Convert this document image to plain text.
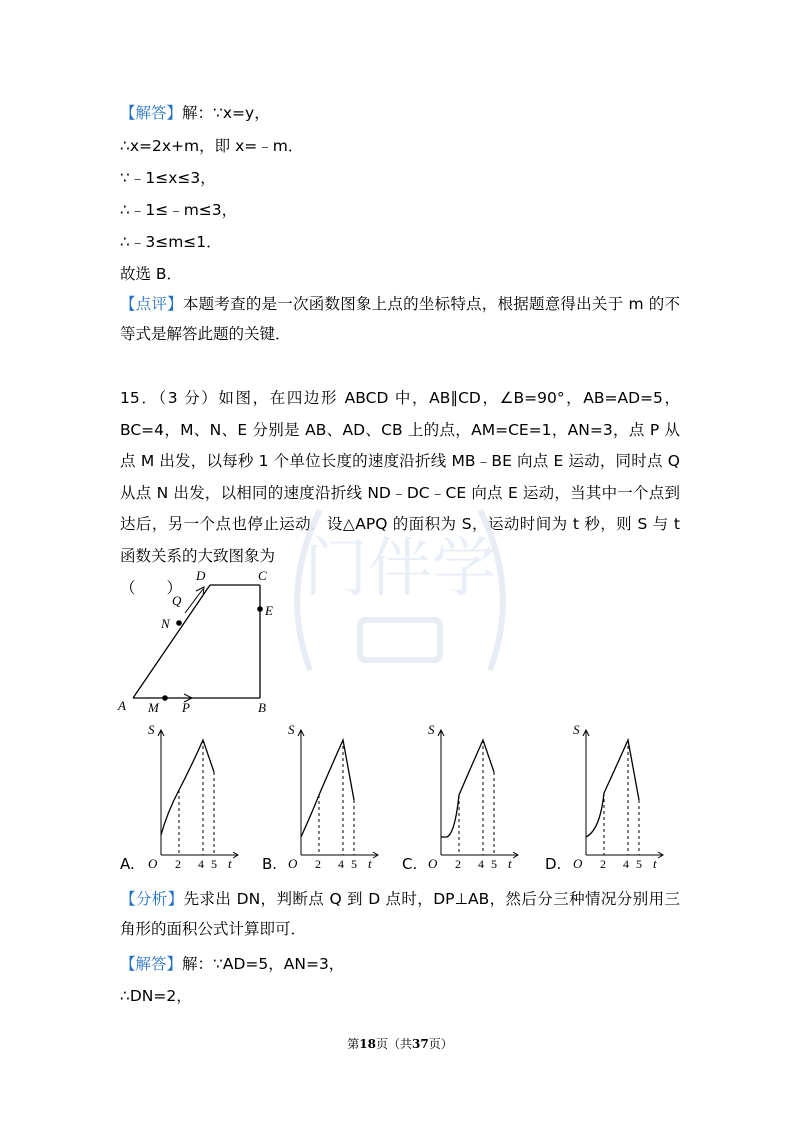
【解答】解：∵x=y，
∴x=2x+m，即 x=﹣m．
∵﹣1≤x≤3，
∴﹣1≤﹣m≤3，
∴﹣3≤m≤1．
故选 B．
【点评】本题考查的是一次函数图象上点的坐标特点，根据题意得出关于 m 的不等式是解答此题的关键．
15．（3 分）如图，在四边形 ABCD 中，AB∥CD，∠B=90°，AB=AD=5，BC=4，M、N、E 分别是 AB、AD、CB 上的点，AM=CE=1，AN=3，点 P 从点 M 出发，以每秒 1 个单位长度的速度沿折线 MB﹣BE 向点 E 运动，同时点 Q 从点 N 出发，以相同的速度沿折线 ND﹣DC﹣CE 向点 E 运动，当其中一个点到达后，另一个点也停止运动．设△APQ 的面积为 S，运动时间为 t 秒，则 S 与 t 函数关系的大致图象为
（　　）	门伴学
A	B
C
D
E
M
N
P
Q
S
O 2 4 5 t
A.
S
O 2 4 5 t
B.
S
O 2 4 5 t
C.
S
O 2 4 5 t
D.
【分析】先求出 DN，判断点 Q 到 D 点时，DP⊥AB，然后分三种情况分别用三角形的面积公式计算即可．
【解答】解：∵AD=5，AN=3，
∴DN=2，
第18页（共37页）
